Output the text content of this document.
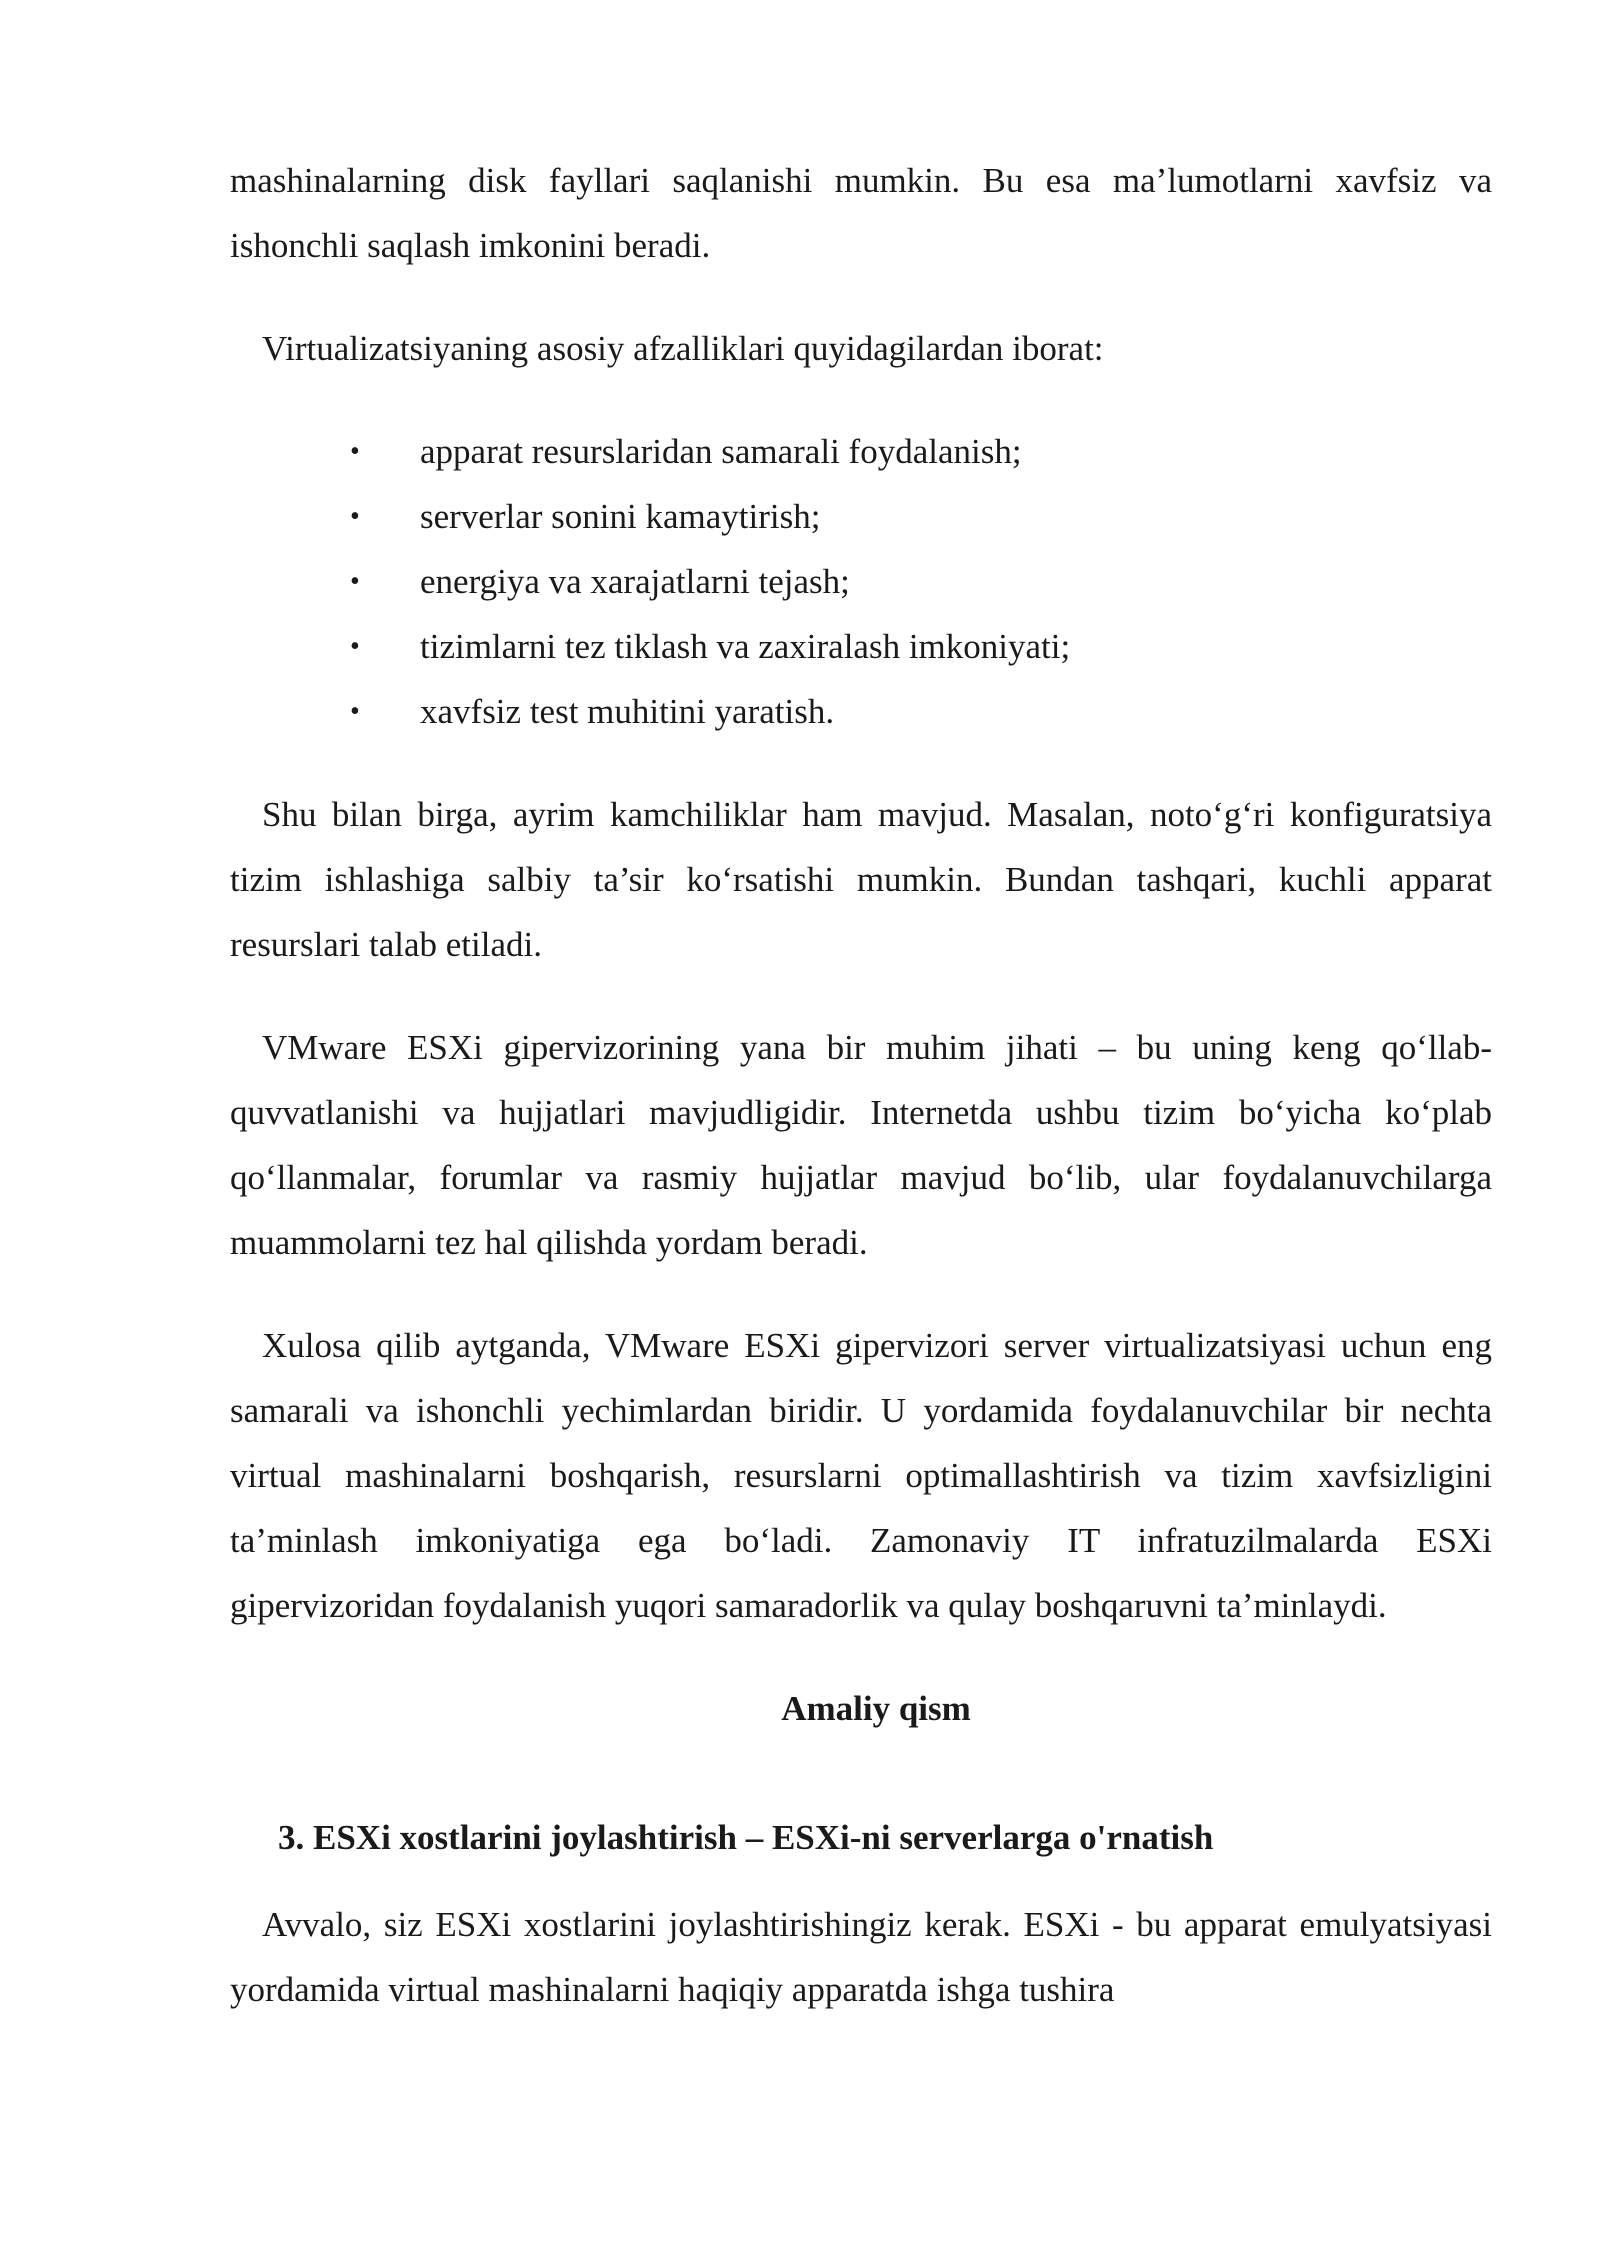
mashinalarning disk fayllari saqlanishi mumkin. Bu esa ma’lumotlarni xavfsiz va ishonchli saqlash imkonini beradi.

Virtualizatsiyaning asosiy afzalliklari quyidagilardan iborat:

• apparat resurslaridan samarali foydalanish;
• serverlar sonini kamaytirish;
• energiya va xarajatlarni tejash;
• tizimlarni tez tiklash va zaxiralash imkoniyati;
• xavfsiz test muhitini yaratish.

Shu bilan birga, ayrim kamchiliklar ham mavjud. Masalan, noto‘g‘ri konfiguratsiya tizim ishlashiga salbiy ta’sir ko‘rsatishi mumkin. Bundan tashqari, kuchli apparat resurslari talab etiladi.

VMware ESXi gipervizorining yana bir muhim jihati – bu uning keng qo‘llab-quvvatlanishi va hujjatlari mavjudligidir. Internetda ushbu tizim bo‘yicha ko‘plab qo‘llanmalar, forumlar va rasmiy hujjatlar mavjud bo‘lib, ular foydalanuvchilarga muammolarni tez hal qilishda yordam beradi.

Xulosa qilib aytganda, VMware ESXi gipervizori server virtualizatsiyasi uchun eng samarali va ishonchli yechimlardan biridir. U yordamida foydalanuvchilar bir nechta virtual mashinalarni boshqarish, resurslarni optimallashtirish va tizim xavfsizligini ta’minlash imkoniyatiga ega bo‘ladi. Zamonaviy IT infratuzilmalarda ESXi gipervizoridan foydalanish yuqori samaradorlik va qulay boshqaruvni ta’minlaydi.

Amaliy qism

3. ESXi xostlarini joylashtirish – ESXi-ni serverlarga o'rnatish

Avvalo, siz ESXi xostlarini joylashtirishingiz kerak. ESXi - bu apparat emulyatsiyasi yordamida virtual mashinalarni haqiqiy apparatda ishga tushira
